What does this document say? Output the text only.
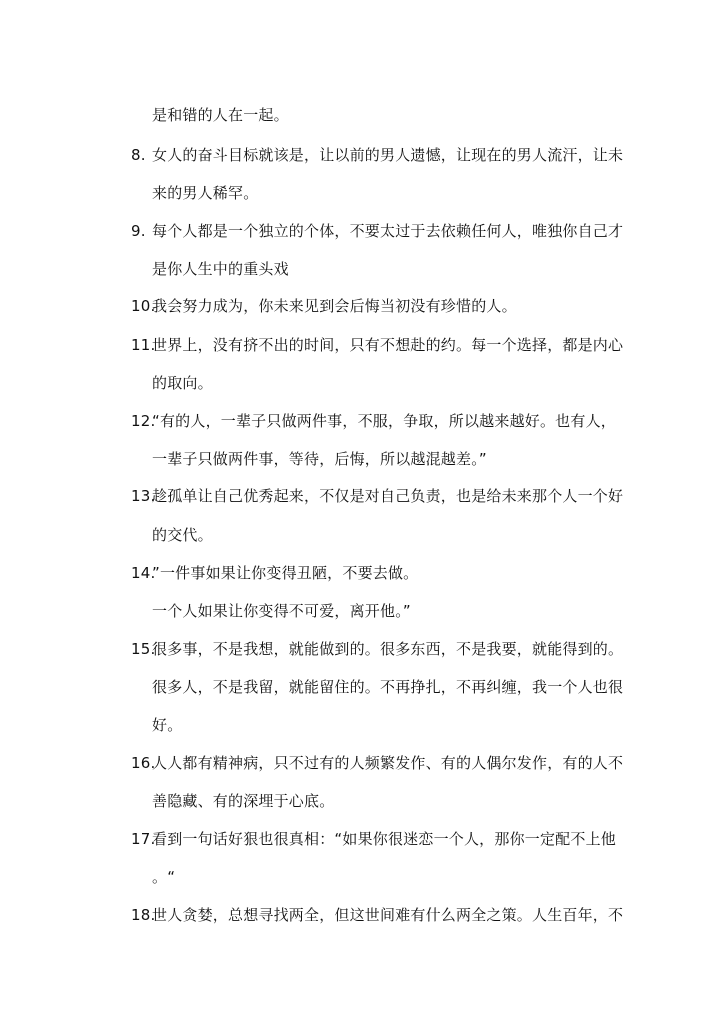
是和错的人在一起。
8. 女人的奋斗目标就该是，让以前的男人遗憾，让现在的男人流汗，让未
来的男人稀罕。
9. 每个人都是一个独立的个体，不要太过于去依赖任何人，唯独你自己才
是你人生中的重头戏
10.
我会努力成为，你未来见到会后悔当初没有珍惜的人。
11.
世界上，没有挤不出的时间，只有不想赴的约。每一个选择，都是内心
的取向。
12.
“有的人，一辈子只做两件事，不服，争取，所以越来越好。也有人，
一辈子只做两件事，等待，后悔，所以越混越差。”
13.
趁孤单让自己优秀起来，不仅是对自己负责，也是给未来那个人一个好
的交代。
14.
”一件事如果让你变得丑陋，不要去做。
一个人如果让你变得不可爱，离开他。”
15.
很多事，不是我想，就能做到的。很多东西，不是我要，就能得到的。
很多人，不是我留，就能留住的。不再挣扎，不再纠缠，我一个人也很
好。
16.
人人都有精神病，只不过有的人频繁发作、有的人偶尔发作，有的人不
善隐藏、有的深埋于心底。
17.
看到一句话好狠也很真相：“如果你很迷恋一个人，那你一定配不上他
。“
18.
世人贪婪，总想寻找两全，但这世间难有什么两全之策。人生百年，不
